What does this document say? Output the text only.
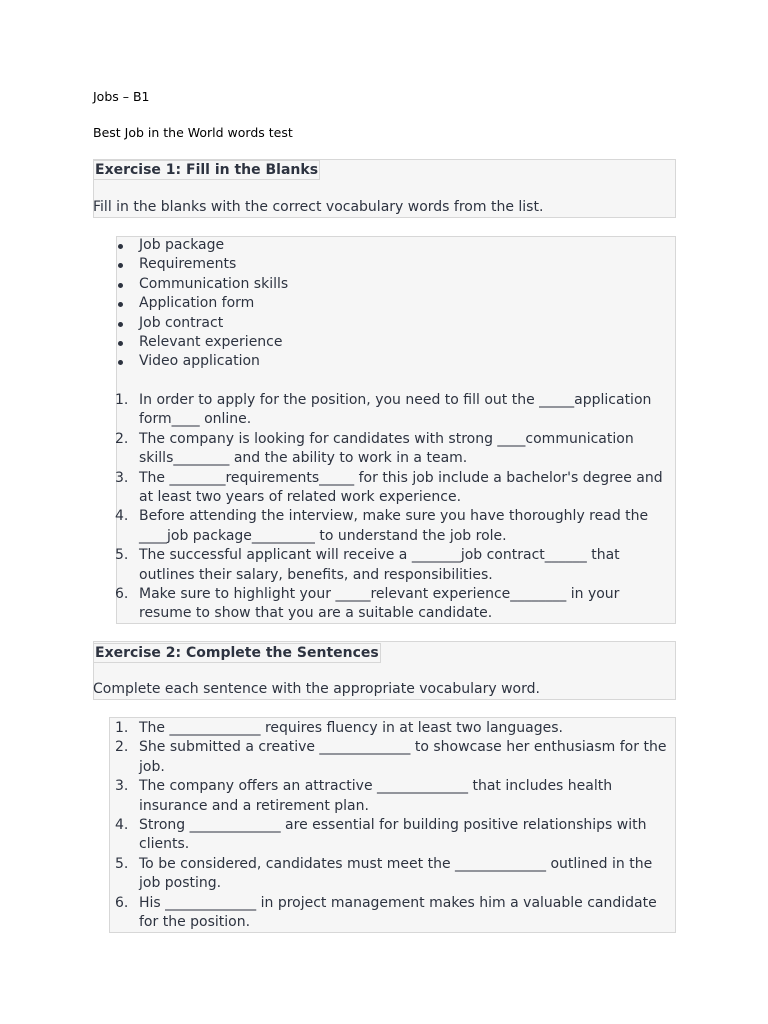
Jobs – B1
Best Job in the World words test
Exercise 1: Fill in the Blanks
Fill in the blanks with the correct vocabulary words from the list.
Job package
Requirements
Communication skills
Application form
Job contract
Relevant experience
Video application
1. In order to apply for the position, you need to fill out the _____application form____ online.
2. The company is looking for candidates with strong ____communication skills________ and the ability to work in a team.
3. The ________requirements_____ for this job include a bachelor's degree and at least two years of related work experience.
4. Before attending the interview, make sure you have thoroughly read the ____job package_________ to understand the job role.
5. The successful applicant will receive a _______job contract______ that outlines their salary, benefits, and responsibilities.
6. Make sure to highlight your _____relevant experience________ in your resume to show that you are a suitable candidate.
Exercise 2: Complete the Sentences
Complete each sentence with the appropriate vocabulary word.
1. The _____________ requires fluency in at least two languages.
2. She submitted a creative _____________ to showcase her enthusiasm for the job.
3. The company offers an attractive _____________ that includes health insurance and a retirement plan.
4. Strong _____________ are essential for building positive relationships with clients.
5. To be considered, candidates must meet the _____________ outlined in the job posting.
6. His _____________ in project management makes him a valuable candidate for the position.
